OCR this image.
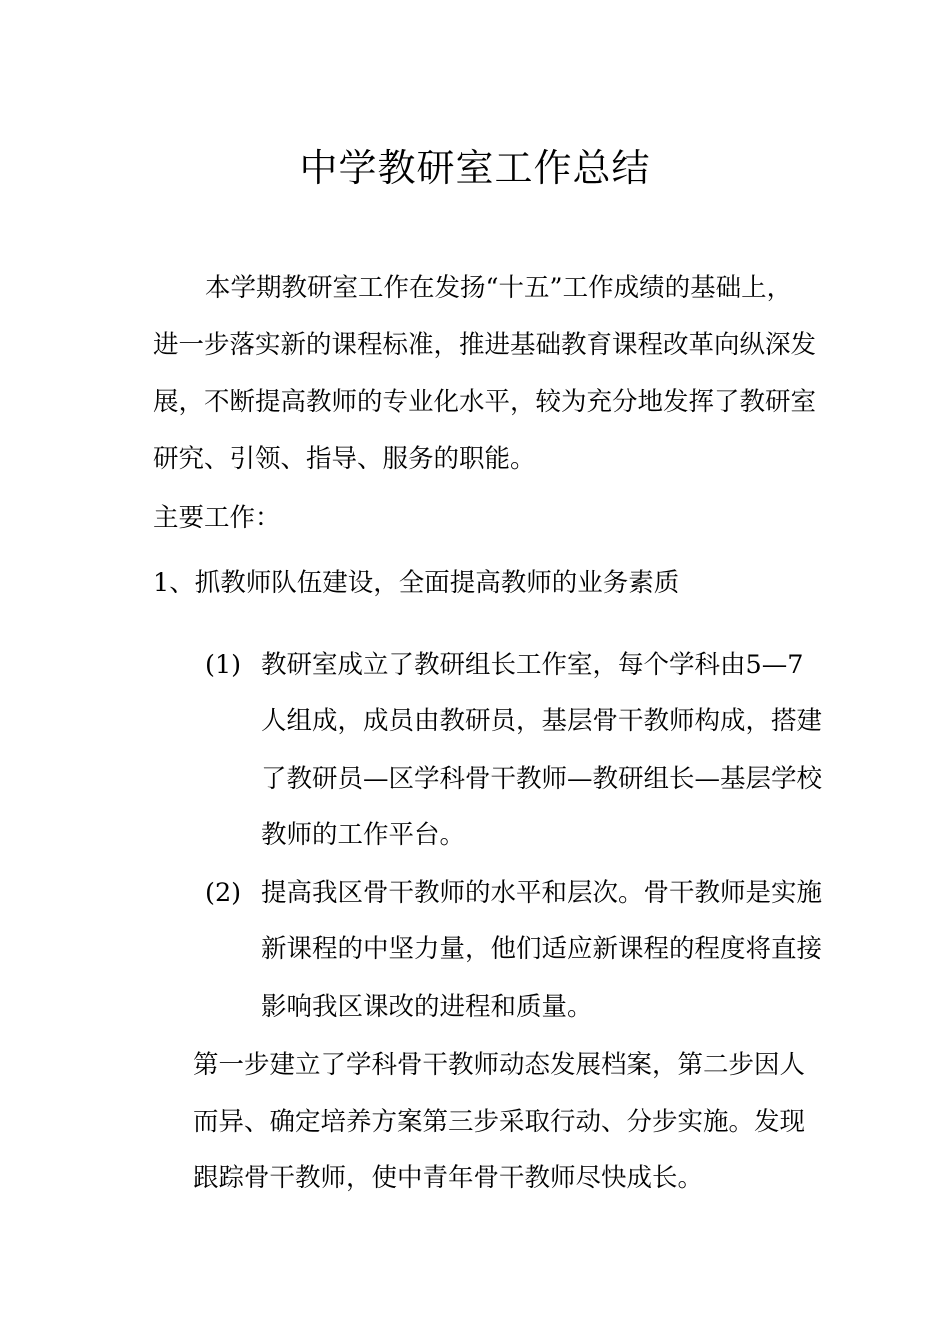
中学教研室工作总结
本学期教研室工作在发扬“十五”工作成绩的基础上，
进一步落实新的课程标准，推进基础教育课程改革向纵深发
展，不断提高教师的专业化水平，较为充分地发挥了教研室
研究、引领、指导、服务的职能。
主要工作：
1、抓教师队伍建设，全面提高教师的业务素质
(1) 教研室成立了教研组长工作室，每个学科由5—7
人组成，成员由教研员，基层骨干教师构成，搭建
了教研员—区学科骨干教师—教研组长—基层学校
教师的工作平台。
(2) 提高我区骨干教师的水平和层次。骨干教师是实施
新课程的中坚力量，他们适应新课程的程度将直接
影响我区课改的进程和质量。
第一步建立了学科骨干教师动态发展档案，第二步因人
而异、确定培养方案第三步采取行动、分步实施。发现
跟踪骨干教师，使中青年骨干教师尽快成长。
